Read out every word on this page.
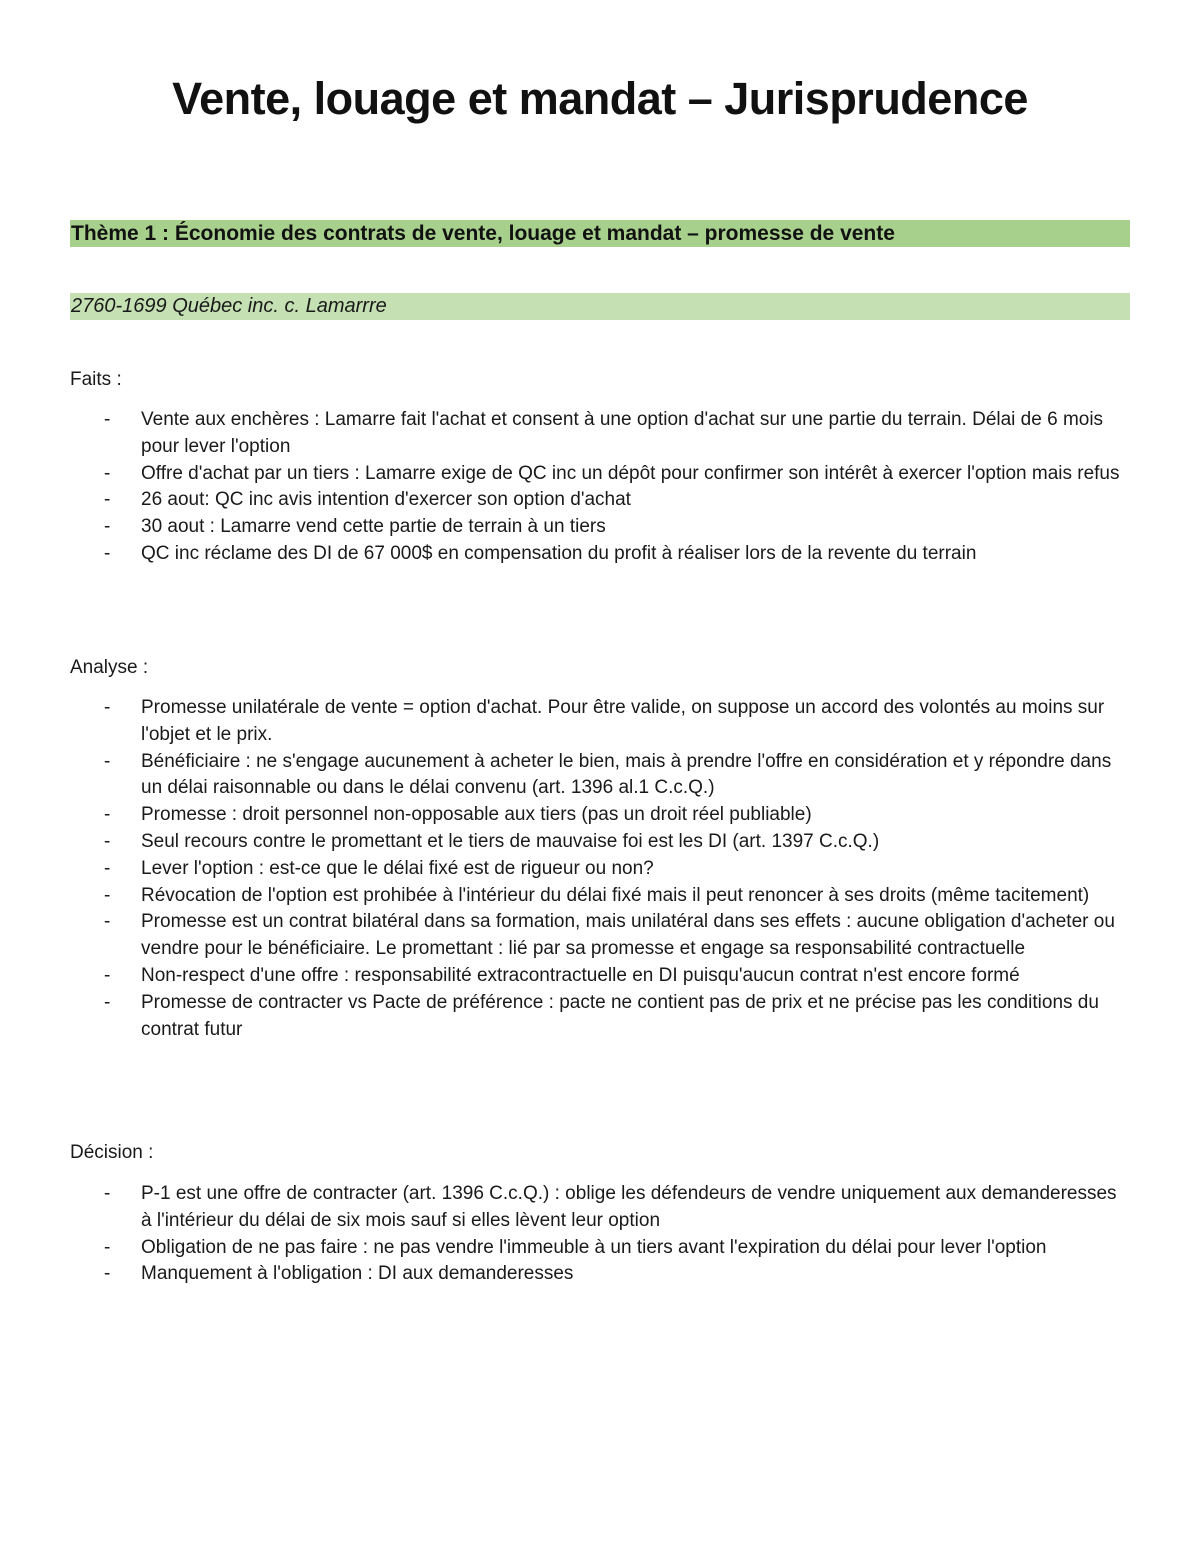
Vente, louage et mandat – Jurisprudence
Thème 1 : Économie des contrats de vente, louage et mandat – promesse de vente
2760-1699 Québec inc. c. Lamarrre

Faits :

- Vente aux enchères : Lamarre fait l'achat et consent à une option d'achat sur une partie du terrain. Délai de 6 mois pour lever l'option
- Offre d'achat par un tiers : Lamarre exige de QC inc un dépôt pour confirmer son intérêt à exercer l'option mais refus
- 26 aout: QC inc avis intention d'exercer son option d'achat
- 30 aout : Lamarre vend cette partie de terrain à un tiers
- QC inc réclame des DI de 67 000$ en compensation du profit à réaliser lors de la revente du terrain

Analyse :

- Promesse unilatérale de vente = option d'achat. Pour être valide, on suppose un accord des volontés au moins sur l'objet et le prix.
- Bénéficiaire : ne s'engage aucunement à acheter le bien, mais à prendre l'offre en considération et y répondre dans un délai raisonnable ou dans le délai convenu (art. 1396 al.1 C.c.Q.)
- Promesse : droit personnel non-opposable aux tiers (pas un droit réel publiable)
- Seul recours contre le promettant et le tiers de mauvaise foi est les DI (art. 1397 C.c.Q.)
- Lever l'option : est-ce que le délai fixé est de rigueur ou non?
- Révocation de l'option est prohibée à l'intérieur du délai fixé mais il peut renoncer à ses droits (même tacitement)
- Promesse est un contrat bilatéral dans sa formation, mais unilatéral dans ses effets : aucune obligation d'acheter ou vendre pour le bénéficiaire. Le promettant : lié par sa promesse et engage sa responsabilité contractuelle
- Non-respect d'une offre : responsabilité extracontractuelle en DI puisqu'aucun contrat n'est encore formé
- Promesse de contracter vs Pacte de préférence : pacte ne contient pas de prix et ne précise pas les conditions du contrat futur

Décision :

- P-1 est une offre de contracter (art. 1396 C.c.Q.) : oblige les défendeurs de vendre uniquement aux demanderesses à l'intérieur du délai de six mois sauf si elles lèvent leur option
- Obligation de ne pas faire : ne pas vendre l'immeuble à un tiers avant l'expiration du délai pour lever l'option
- Manquement à l'obligation : DI aux demanderesses
